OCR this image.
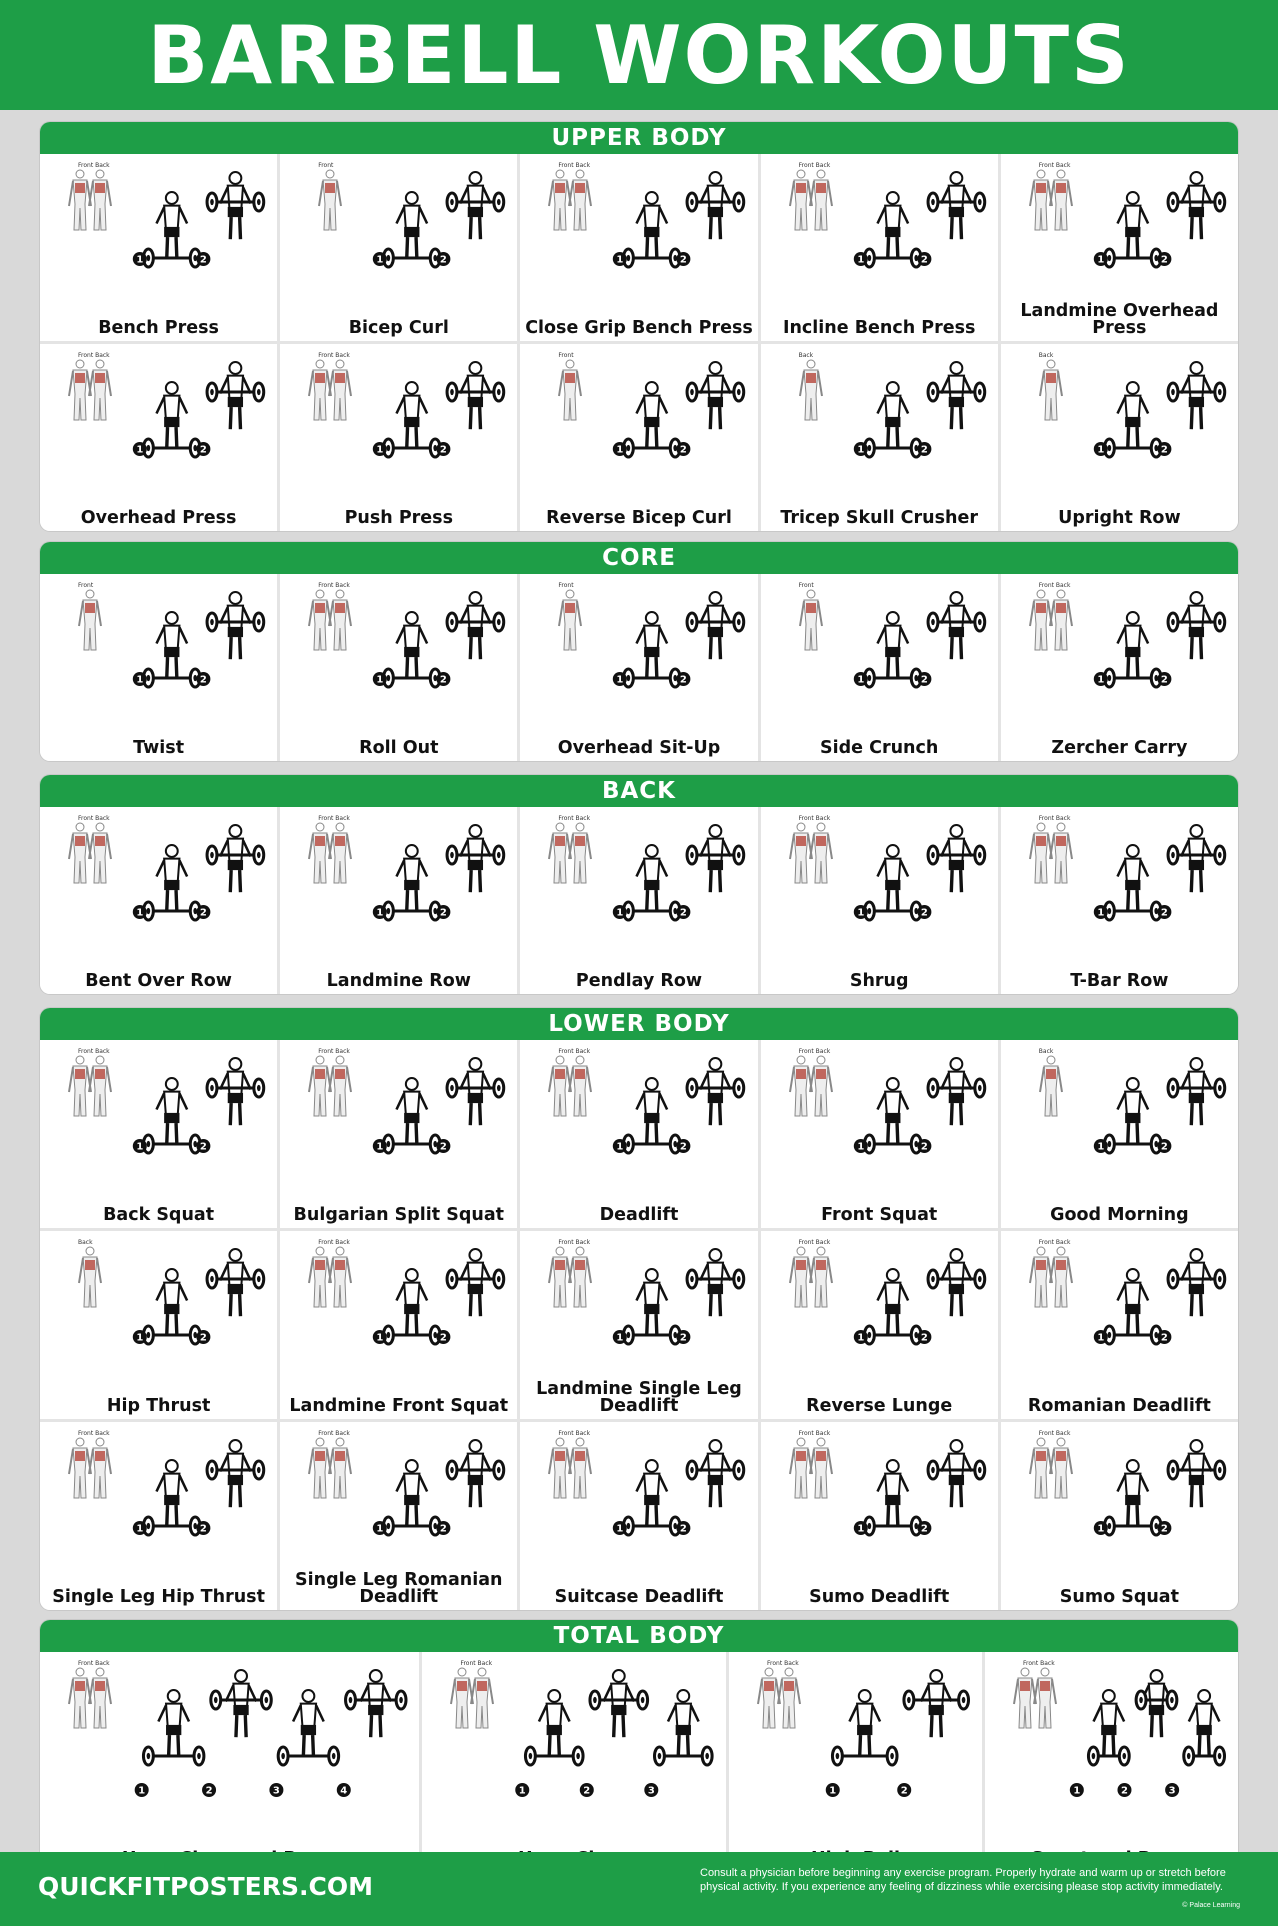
BARBELL WORKOUTS
UPPER BODY
1	2
Front Back
Bench Press
1	2
Front
Bicep Curl
1	2
Front Back
Close Grip Bench Press
1	2
Front Back
Incline Bench Press
1	2
Front Back
Landmine Overhead Press
1	2
Front Back
Overhead Press
1	2
Front Back
Push Press
1	2
Front
Reverse Bicep Curl
1	2
Back
Tricep Skull Crusher
1	2
Back
Upright Row
CORE
1	2
Front
Twist
1	2
Front Back
Roll Out
1	2
Front
Overhead Sit-Up
1	2
Front
Side Crunch
1	2
Front Back
Zercher Carry
BACK
1	2
Front Back
Bent Over Row
1	2
Front Back
Landmine Row
1	2
Front Back
Pendlay Row
1	2
Front Back
Shrug
1	2
Front Back
T-Bar Row
LOWER BODY
1	2
Front Back
Back Squat
1	2
Front Back
Bulgarian Split Squat
1	2
Front Back
Deadlift
1	2
Front Back
Front Squat
1	2
Back
Good Morning
1	2
Back
Hip Thrust
1	2
Front Back
Landmine Front Squat
1	2
Front Back
Landmine Single Leg Deadlift
1	2
Front Back
Reverse Lunge
1	2
Front Back
Romanian Deadlift
1	2
Front Back
Single Leg Hip Thrust
1	2
Front Back
Single Leg Romanian Deadlift
1	2
Front Back
Suitcase Deadlift
1	2
Front Back
Sumo Deadlift
1	2
Front Back
Sumo Squat
TOTAL BODY
1	2	3	4
Front Back
1	2	3
Front Back
1	2
Front Back
1	2	3
Front Back
QUICKFITPOSTERS.COM	Consult a physician before beginning any exercise program. Properly hydrate and warm up or stretch before physical activity. If you experience any feeling of dizziness while exercising please stop activity immediately.
© Palace Learning
